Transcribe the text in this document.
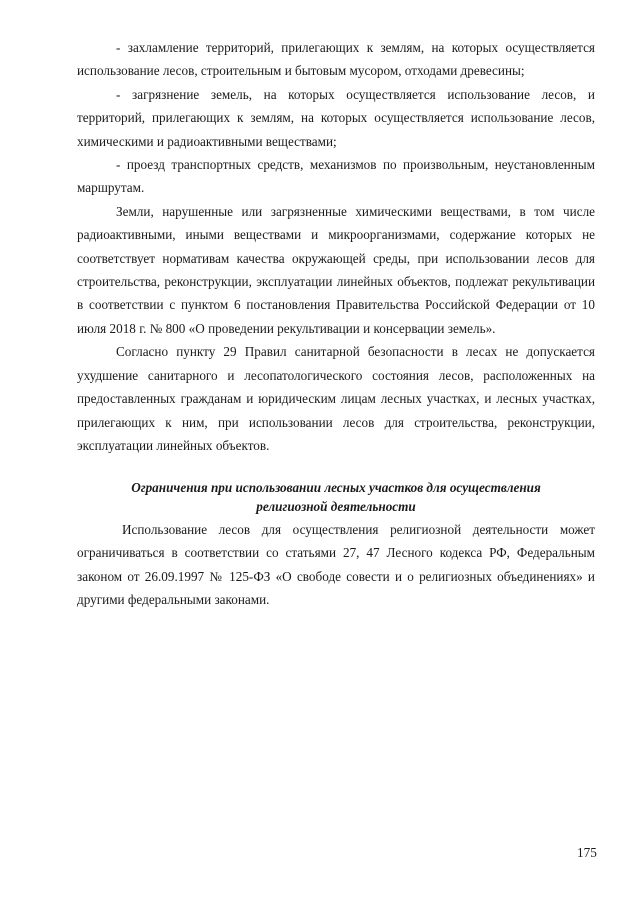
- захламление территорий, прилегающих к землям, на которых осуществляется использование лесов, строительным и бытовым мусором, отходами древесины;

- загрязнение земель, на которых осуществляется использование лесов, и территорий, прилегающих к землям, на которых осуществляется использование лесов, химическими и радиоактивными веществами;

- проезд транспортных средств, механизмов по произвольным, неустановленным маршрутам.

Земли, нарушенные или загрязненные химическими веществами, в том числе радиоактивными, иными веществами и микроорганизмами, содержание которых не соответствует нормативам качества окружающей среды, при использовании лесов для строительства, реконструкции, эксплуатации линейных объектов, подлежат рекультивации в соответствии с пунктом 6 постановления Правительства Российской Федерации от 10 июля 2018 г. № 800 «О проведении рекультивации и консервации земель».

Согласно пункту 29 Правил санитарной безопасности в лесах не допускается ухудшение санитарного и лесопатологического состояния лесов, расположенных на предоставленных гражданам и юридическим лицам лесных участках, и лесных участках, прилегающих к ним, при использовании лесов для строительства, реконструкции, эксплуатации линейных объектов.

Ограничения при использовании лесных участков для осуществления
религиозной деятельности

Использование лесов для осуществления религиозной деятельности может ограничиваться в соответствии со статьями 27, 47 Лесного кодекса РФ, Федеральным законом от 26.09.1997 № 125-ФЗ «О свободе совести и о религиозных объединениях» и другими федеральными законами.

175
